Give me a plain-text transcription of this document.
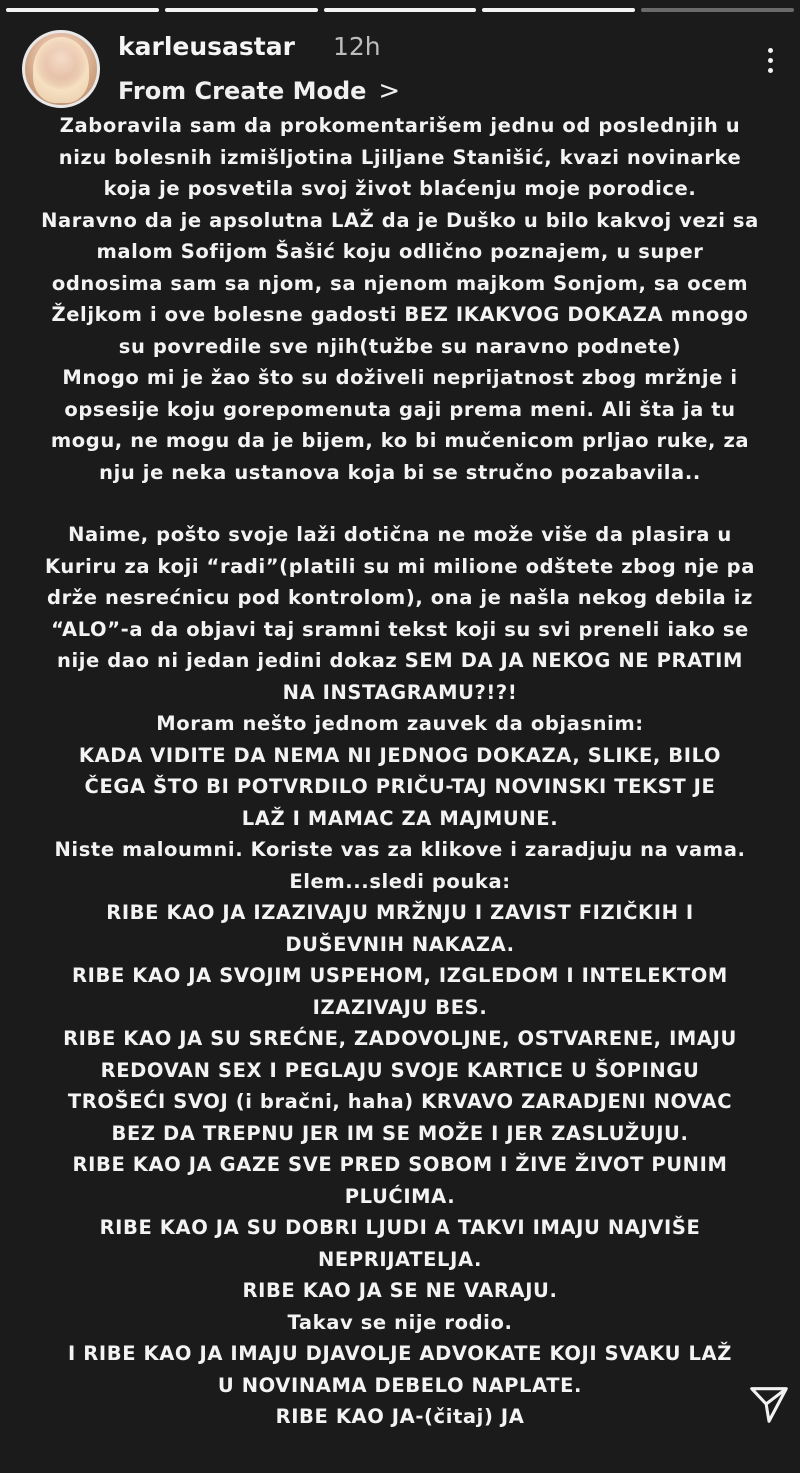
karleusastar 12h
From Create Mode >

Zaboravila sam da prokomentarišem jednu od poslednjih u

nizu bolesnih izmišljotina Ljiljane Stanišić, kvazi novinarke

koja je posvetila svoj život blaćenju moje porodice.

Naravno da je apsolutna LAŽ da je Duško u bilo kakvoj vezi sa

malom Sofijom Šašić koju odlično poznajem, u super

odnosima sam sa njom, sa njenom majkom Sonjom, sa ocem

Željkom i ove bolesne gadosti BEZ IKAKVOG DOKAZA mnogo

su povredile sve njih(tužbe su naravno podnete)

Mnogo mi je žao što su doživeli neprijatnost zbog mržnje i

opsesije koju gorepomenuta gaji prema meni. Ali šta ja tu

mogu, ne mogu da je bijem, ko bi mučenicom prljao ruke, za

nju je neka ustanova koja bi se stručno pozabavila..

Naime, pošto svoje laži dotična ne može više da plasira u

Kuriru za koji “radi”(platili su mi milione odštete zbog nje pa

drže nesrećnicu pod kontrolom), ona je našla nekog debila iz

“ALO”-a da objavi taj sramni tekst koji su svi preneli iako se

nije dao ni jedan jedini dokaz SEM DA JA NEKOG NE PRATIM

NA INSTAGRAMU?!?!

Moram nešto jednom zauvek da objasnim:

KADA VIDITE DA NEMA NI JEDNOG DOKAZA, SLIKE, BILO

ČEGA ŠTO BI POTVRDILO PRIČU-TAJ NOVINSKI TEKST JE

LAŽ I MAMAC ZA MAJMUNE.

Niste maloumni. Koriste vas za klikove i zaradjuju na vama.

Elem...sledi pouka:

RIBE KAO JA IZAZIVAJU MRŽNJU I ZAVIST FIZIČKIH I

DUŠEVNIH NAKAZA.

RIBE KAO JA SVOJIM USPEHOM, IZGLEDOM I INTELEKTOM

IZAZIVAJU BES.

RIBE KAO JA SU SREĆNE, ZADOVOLJNE, OSTVARENE, IMAJU

REDOVAN SEX I PEGLAJU SVOJE KARTICE U ŠOPINGU

TROŠEĆI SVOJ (i bračni, haha) KRVAVO ZARADJENI NOVAC

BEZ DA TREPNU JER IM SE MOŽE I JER ZASLUŽUJU.

RIBE KAO JA GAZE SVE PRED SOBOM I ŽIVE ŽIVOT PUNIM

PLUĆIMA.

RIBE KAO JA SU DOBRI LJUDI A TAKVI IMAJU NAJVIŠE

NEPRIJATELJA.

RIBE KAO JA SE NE VARAJU.

Takav se nije rodio.

I RIBE KAO JA IMAJU DJAVOLJE ADVOKATE KOJI SVAKU LAŽ

U NOVINAMA DEBELO NAPLATE.

RIBE KAO JA-(čitaj) JA
